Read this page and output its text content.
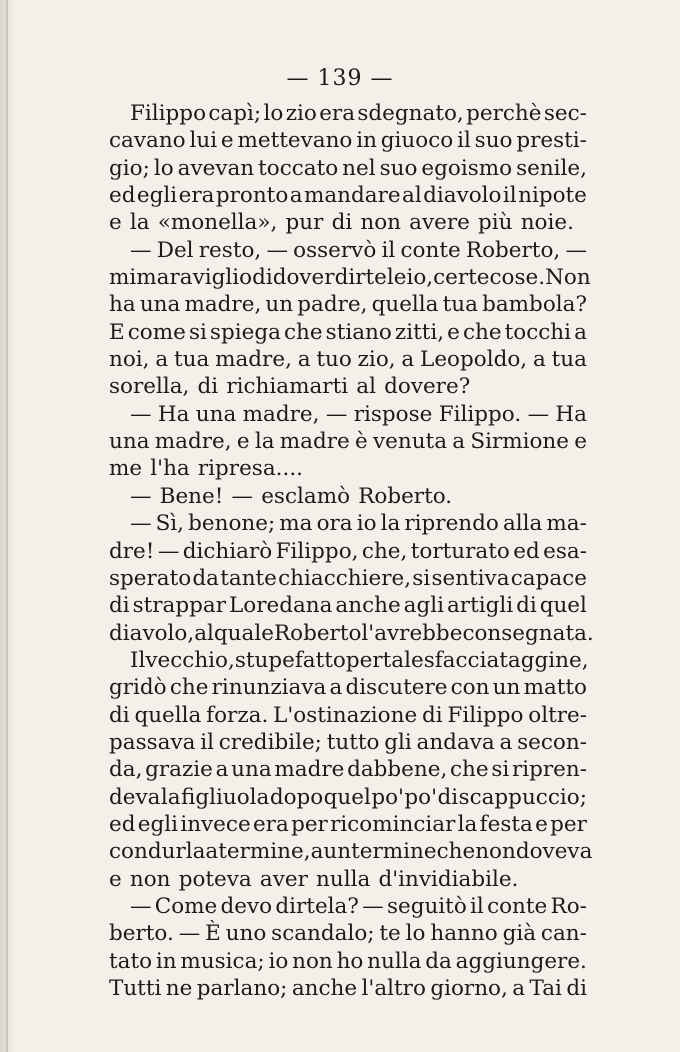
— 139 —
Filippo capì; lo zio era sdegnato, perchè sec-
cavano lui e mettevano in giuoco il suo presti-
gio; lo avevan toccato nel suo egoismo senile,
ed egli era pronto a mandare al diavolo il nipote
e la «monella», pur di non avere più noie.
— Del resto, — osservò il conte Roberto, —
mi maraviglio di dover dirtele io, certe cose. Non
ha una madre, un padre, quella tua bambola?
E come si spiega che stiano zitti, e che tocchi a
noi, a tua madre, a tuo zio, a Leopoldo, a tua
sorella, di richiamarti al dovere?
— Ha una madre, — rispose Filippo. — Ha
una madre, e la madre è venuta a Sirmione e
me l'ha ripresa....
— Bene! — esclamò Roberto.
— Sì, benone; ma ora io la riprendo alla ma-
dre! — dichiarò Filippo, che, torturato ed esa-
sperato da tante chiacchiere, si sentiva capace
di strappar Loredana anche agli artigli di quel
diavolo, al quale Roberto l'avrebbe consegnata.
Il vecchio, stupefatto per tale sfacciataggine,
gridò che rinunziava a discutere con un matto
di quella forza. L'ostinazione di Filippo oltre-
passava il credibile; tutto gli andava a secon-
da, grazie a una madre dabbene, che si ripren-
deva la figliuola dopo quel po' po' di scappuccio;
ed egli invece era per ricominciar la festa e per
condurla a termine, a un termine che non doveva
e non poteva aver nulla d'invidiabile.
— Come devo dirtela? — seguitò il conte Ro-
berto. — È uno scandalo; te lo hanno già can-
tato in musica; io non ho nulla da aggiungere.
Tutti ne parlano; anche l'altro giorno, a Tai di
